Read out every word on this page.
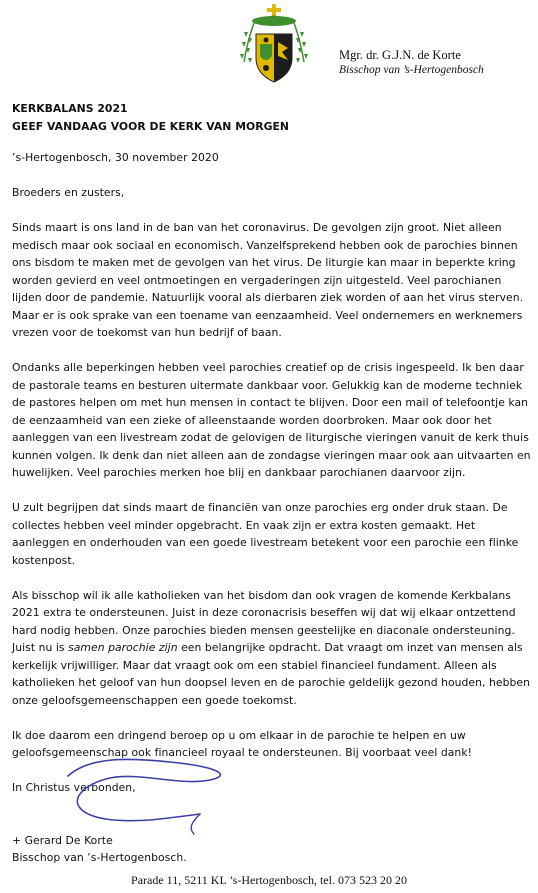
Mgr. dr. G.J.N. de Korte
Bisschop van ’s-Hertogenbosch

KERKBALANS 2021

GEEF VANDAAG VOOR DE KERK VAN MORGEN

’s-Hertogenbosch, 30 november 2020

Broeders en zusters,

Sinds maart is ons land in de ban van het coronavirus. De gevolgen zijn groot. Niet alleen medisch maar ook sociaal en economisch. Vanzelfsprekend hebben ook de parochies binnen ons bisdom te maken met de gevolgen van het virus. De liturgie kan maar in beperkte kring worden gevierd en veel ontmoetingen en vergaderingen zijn uitgesteld. Veel parochianen lijden door de pandemie. Natuurlijk vooral als dierbaren ziek worden of aan het virus sterven. Maar er is ook sprake van een toename van eenzaamheid. Veel ondernemers en werknemers vrezen voor de toekomst van hun bedrijf of baan.

Ondanks alle beperkingen hebben veel parochies creatief op de crisis ingespeeld. Ik ben daar de pastorale teams en besturen uitermate dankbaar voor. Gelukkig kan de moderne techniek de pastores helpen om met hun mensen in contact te blijven. Door een mail of telefoontje kan de eenzaamheid van een zieke of alleenstaande worden doorbroken. Maar ook door het aanleggen van een livestream zodat de gelovigen de liturgische vieringen vanuit de kerk thuis kunnen volgen. Ik denk dan niet alleen aan de zondagse vieringen maar ook aan uitvaarten en huwelijken. Veel parochies merken hoe blij en dankbaar parochianen daarvoor zijn.

U zult begrijpen dat sinds maart de financiën van onze parochies erg onder druk staan. De collectes hebben veel minder opgebracht. En vaak zijn er extra kosten gemaakt. Het aanleggen en onderhouden van een goede livestream betekent voor een parochie een flinke kostenpost.

Als bisschop wil ik alle katholieken van het bisdom dan ook vragen de komende Kerkbalans 2021 extra te ondersteunen. Juist in deze coronacrisis beseffen wij dat wij elkaar ontzettend hard nodig hebben. Onze parochies bieden mensen geestelijke en diaconale ondersteuning.

Juist nu is samen parochie zijn een belangrijke opdracht. Dat vraagt om inzet van mensen als kerkelijk vrijwilliger. Maar dat vraagt ook om een stabiel financieel fundament. Alleen als katholieken het geloof van hun doopsel leven en de parochie geldelijk gezond houden, hebben onze geloofsgemeenschappen een goede toekomst.

Ik doe daarom een dringend beroep op u om elkaar in de parochie te helpen en uw geloofsgemeenschap ook financieel royaal te ondersteunen. Bij voorbaat veel dank!

In Christus verbonden,

+ Gerard De Korte

Bisschop van ’s-Hertogenbosch.

Parade 11, 5211 KL ’s-Hertogenbosch, tel. 073 523 20 20
